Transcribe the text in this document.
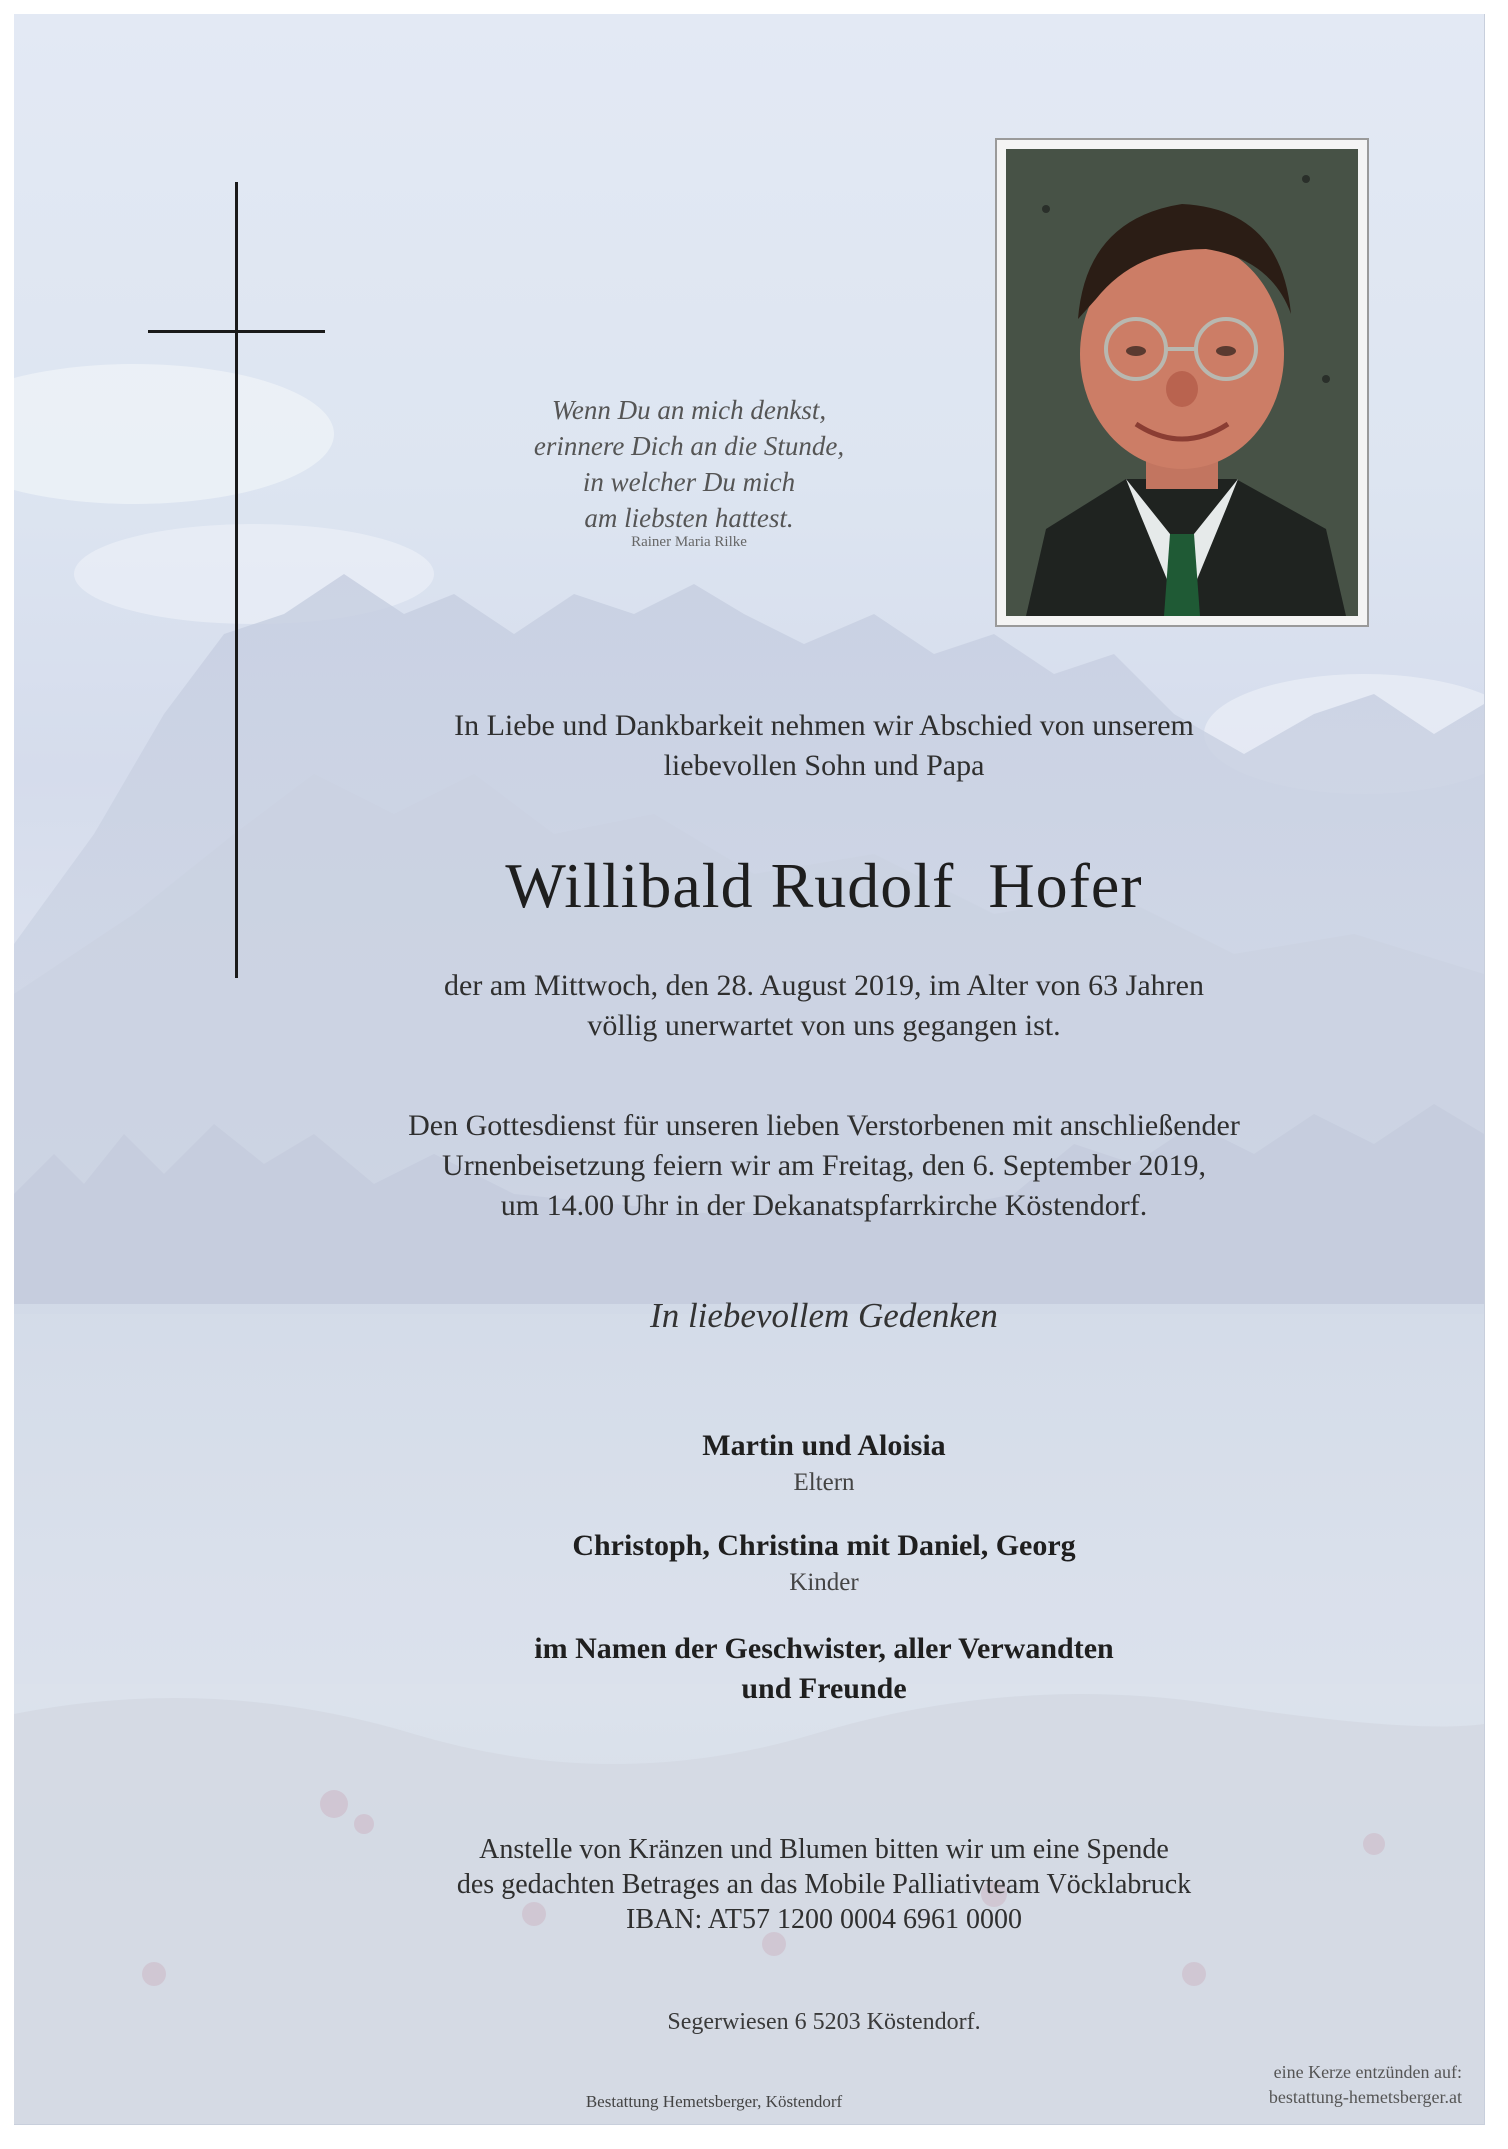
Wenn Du an mich denkst,
erinnere Dich an die Stunde,
in welcher Du mich
am liebsten hattest.
Rainer Maria Rilke
In Liebe und Dankbarkeit nehmen wir Abschied von unserem
liebevollen Sohn und Papa
Willibald Rudolf  Hofer
der am Mittwoch, den 28. August 2019, im Alter von 63 Jahren
völlig unerwartet von uns gegangen ist.
Den Gottesdienst für unseren lieben Verstorbenen mit anschließender
Urnenbeisetzung feiern wir am Freitag, den 6. September 2019,
um 14.00 Uhr in der Dekanatspfarrkirche Köstendorf.
In liebevollem Gedenken
Martin und Aloisia
Eltern
Christoph, Christina mit Daniel, Georg
Kinder
im Namen der Geschwister, aller Verwandten
und Freunde
Anstelle von Kränzen und Blumen bitten wir um eine Spende
des gedachten Betrages an das Mobile Palliativteam Vöcklabruck
IBAN: AT57 1200 0004 6961 0000
Segerwiesen 6 5203 Köstendorf.
Bestattung Hemetsberger, Köstendorf
eine Kerze entzünden auf:
bestattung-hemetsberger.at
